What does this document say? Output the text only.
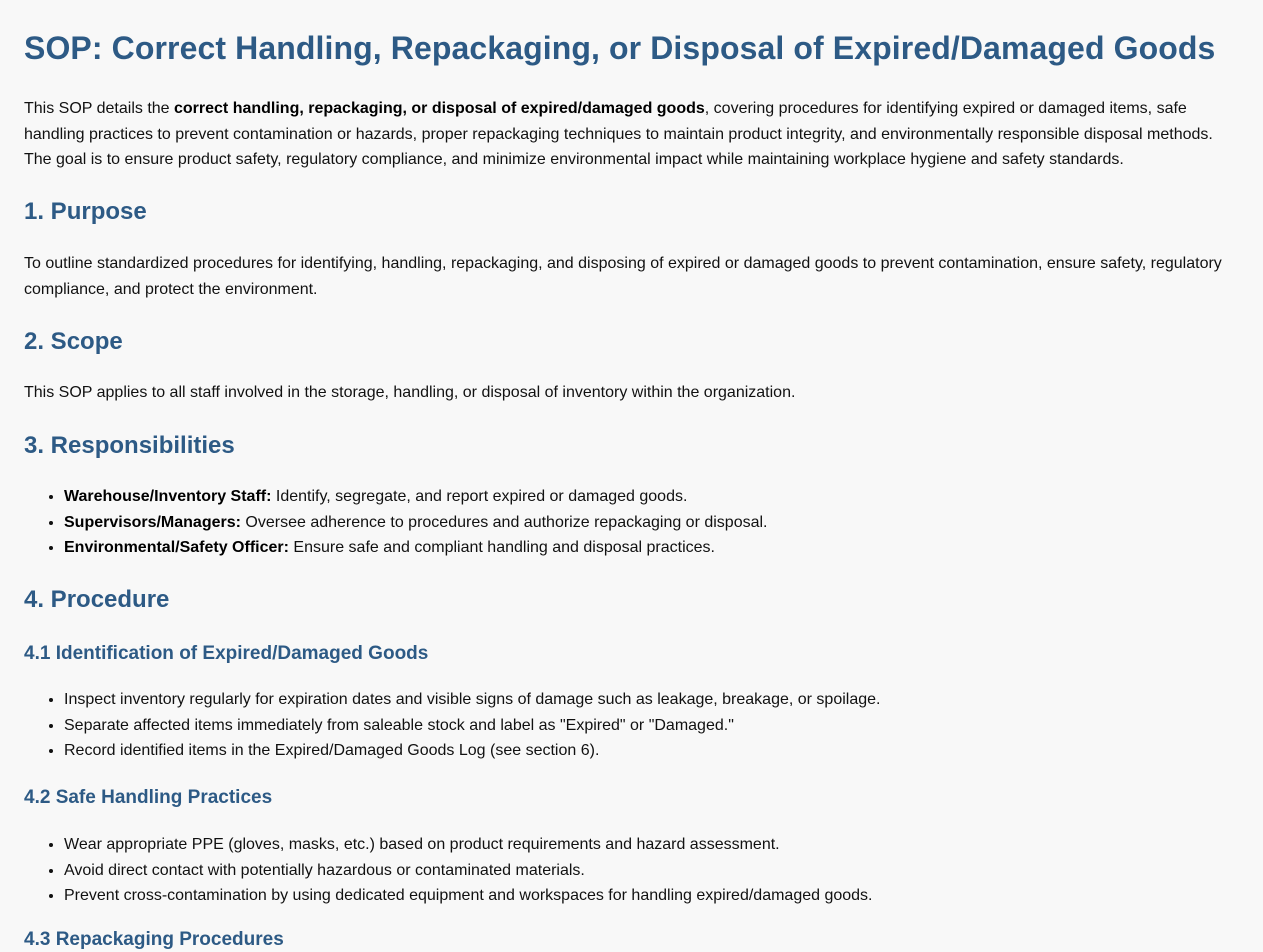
SOP: Correct Handling, Repackaging, or Disposal of Expired/Damaged Goods

This SOP details the correct handling, repackaging, or disposal of expired/damaged goods, covering procedures for identifying expired or damaged items, safe handling practices to prevent contamination or hazards, proper repackaging techniques to maintain product integrity, and environmentally responsible disposal methods. The goal is to ensure product safety, regulatory compliance, and minimize environmental impact while maintaining workplace hygiene and safety standards.

1. Purpose

To outline standardized procedures for identifying, handling, repackaging, and disposing of expired or damaged goods to prevent contamination, ensure safety, regulatory compliance, and protect the environment.

2. Scope

This SOP applies to all staff involved in the storage, handling, or disposal of inventory within the organization.

3. Responsibilities
• Warehouse/Inventory Staff: Identify, segregate, and report expired or damaged goods.
• Supervisors/Managers: Oversee adherence to procedures and authorize repackaging or disposal.
• Environmental/Safety Officer: Ensure safe and compliant handling and disposal practices.
4. Procedure
4.1 Identification of Expired/Damaged Goods
• Inspect inventory regularly for expiration dates and visible signs of damage such as leakage, breakage, or spoilage.
• Separate affected items immediately from saleable stock and label as "Expired" or "Damaged."
• Record identified items in the Expired/Damaged Goods Log (see section 6).
4.2 Safe Handling Practices
• Wear appropriate PPE (gloves, masks, etc.) based on product requirements and hazard assessment.
• Avoid direct contact with potentially hazardous or contaminated materials.
• Prevent cross-contamination by using dedicated equipment and workspaces for handling expired/damaged goods.
4.3 Repackaging Procedures
